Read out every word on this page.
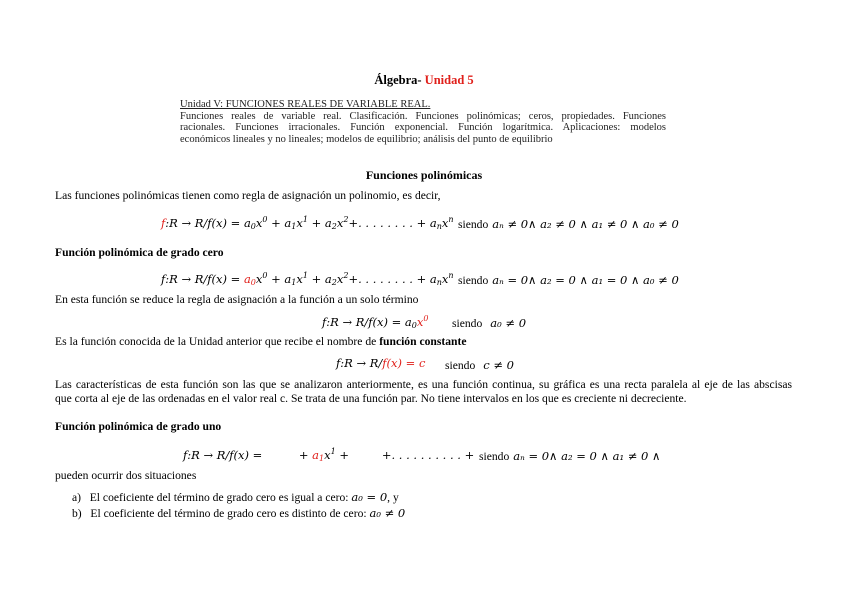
Álgebra- Unidad 5
Unidad V: FUNCIONES REALES DE VARIABLE REAL.
Funciones reales de variable real. Clasificación. Funciones polinómicas; ceros, propiedades. Funciones
racionales. Funciones irracionales. Función exponencial. Función logarítmica. Aplicaciones: modelos
económicos lineales y no lineales; modelos de equilibrio; análisis del punto de equilibrio
Funciones polinómicas
Las funciones polinómicas tienen como regla de asignación un polinomio, es decir,
f:R → $R/f(x) = a_0x^0 + a_1x^1 + a_2x^2+$. . . . . . . . + $a_nx^n$ siendo aₙ ≠ 0∧ a₂ ≠ 0 ∧ a₁ ≠ 0 ∧ a₀ ≠ 0
Función polinómica de grado cero
f:R → $R/f(x) = a_0x^0 + a_1x^1 + a_2x^2+$. . . . . . . . + $a_nx^n$ siendo aₙ = 0∧ a₂ = 0 ∧ a₁ = 0 ∧ a₀ ≠ 0
En esta función se reduce la regla de asignación a la función a un solo término
f:R → $R/f(x) = a_0x^0$ siendo a₀ ≠ 0
Es la función conocida de la Unidad anterior que recibe el nombre de función constante
f:R → R/f(x) = c siendo c ≠ 0
Las características de esta función son las que se analizaron anteriormente, es una función continua, su gráfica es una recta paralela al eje de las abscisas
que corta al eje de las ordenadas en el valor real c. Se trata de una función par. No tiene intervalos en los que es creciente ni decreciente.
Función polinómica de grado uno
f:R → R/f(x) =          + $a_1x^1$ +         +. . . . . . . . . . + siendo aₙ = 0∧ a₂ = 0 ∧ a₁ ≠ 0 ∧
pueden ocurrir dos situaciones
a) El coeficiente del término de grado cero es igual a cero: a₀ = 0, y
b) El coeficiente del término de grado cero es distinto de cero: a₀ ≠ 0
